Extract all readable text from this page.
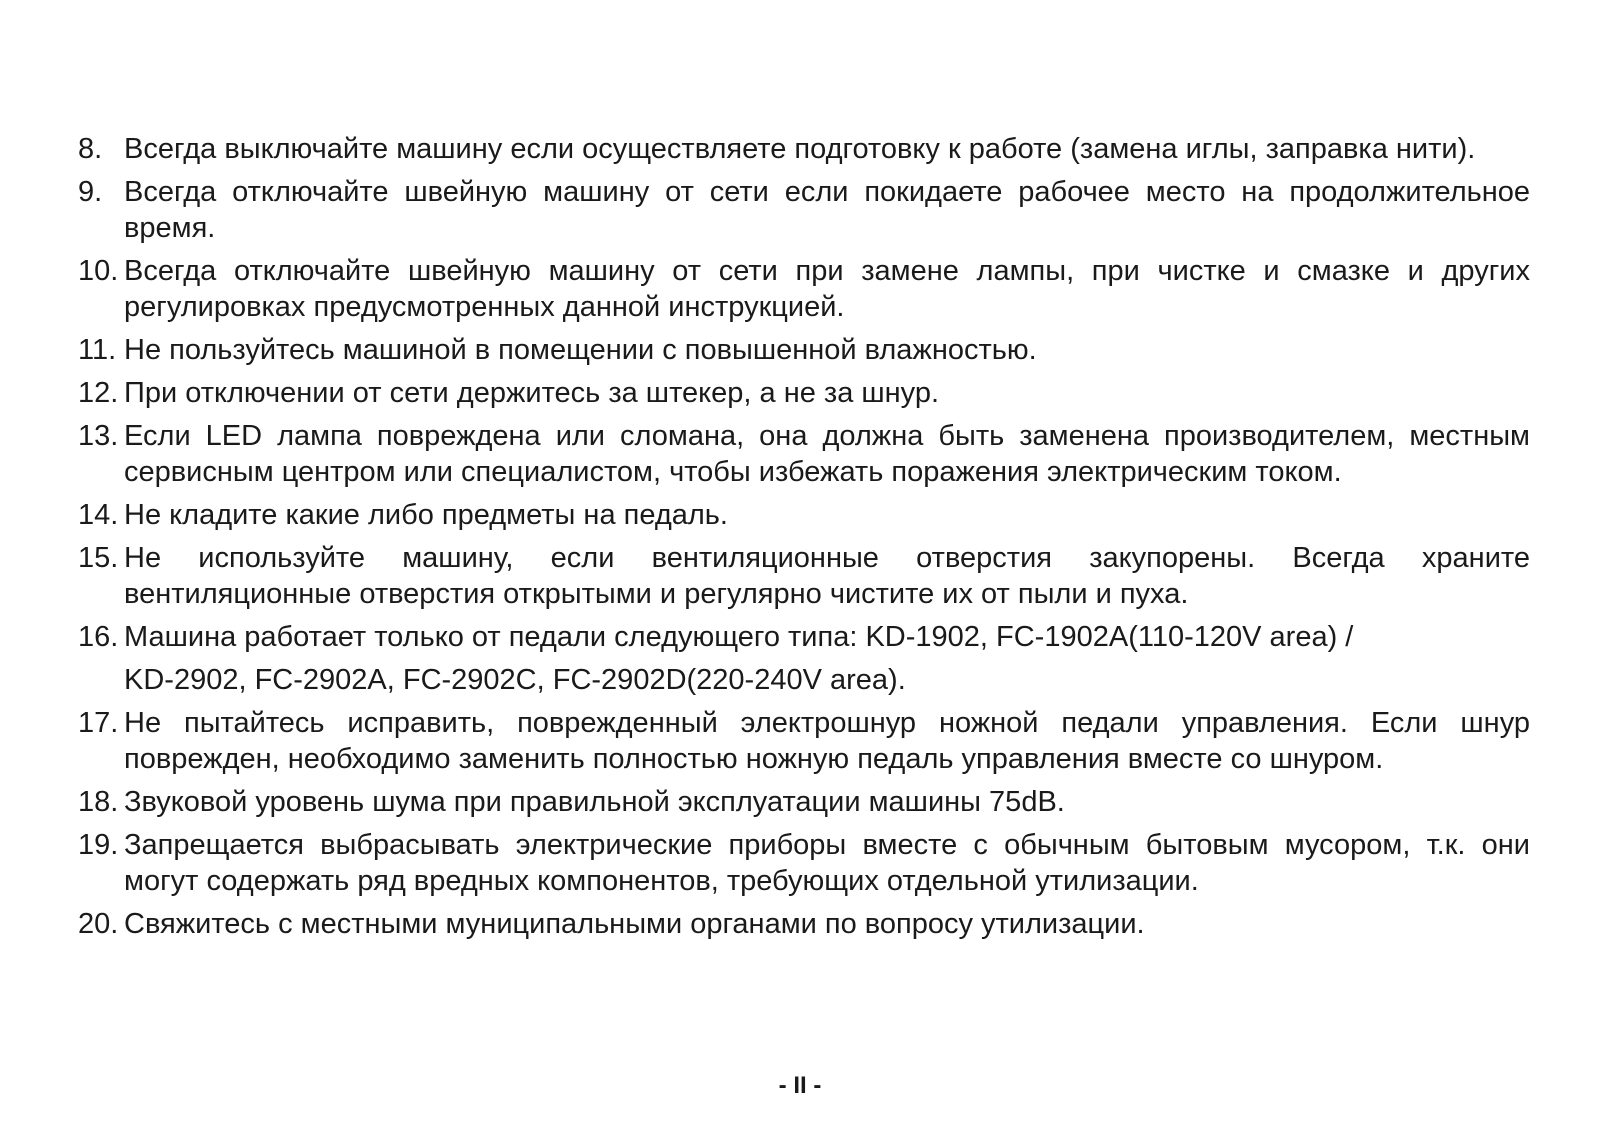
8. Всегда выключайте машину если осуществляете подготовку к работе (замена иглы, заправка нити).
9. Всегда отключайте швейную машину от сети если покидаете рабочее место на продолжительное время.
10. Всегда отключайте швейную машину от сети при замене лампы, при чистке и смазке и других регулировках предусмотренных данной инструкцией.
11. Не пользуйтесь машиной в помещении с повышенной влажностью.
12. При отключении от сети держитесь за штекер, а не за шнур.
13. Если LED лампа повреждена или сломана, она должна быть заменена производителем, местным сервисным центром или специалистом, чтобы избежать поражения электрическим током.
14. Не кладите какие либо предметы на педаль.
15. Не используйте машину, если вентиляционные отверстия закупорены. Всегда храните вентиляционные отверстия открытыми и регулярно чистите их от пыли и пуха.
16. Машина работает только от педали следующего типа: KD-1902, FC-1902A(110-120V area) /
KD-2902, FC-2902A, FC-2902C, FC-2902D(220-240V area).
17. Не пытайтесь исправить, поврежденный электрошнур ножной педали управления. Если шнур поврежден, необходимо заменить полностью ножную педаль управления вместе со шнуром.
18. Звуковой уровень шума при правильной эксплуатации машины 75dB.
19. Запрещается выбрасывать электрические приборы вместе с обычным бытовым мусором, т.к. они могут содержать ряд вредных компонентов, требующих отдельной утилизации.
20. Свяжитесь с местными муниципальными органами по вопросу утилизации.
- II -
